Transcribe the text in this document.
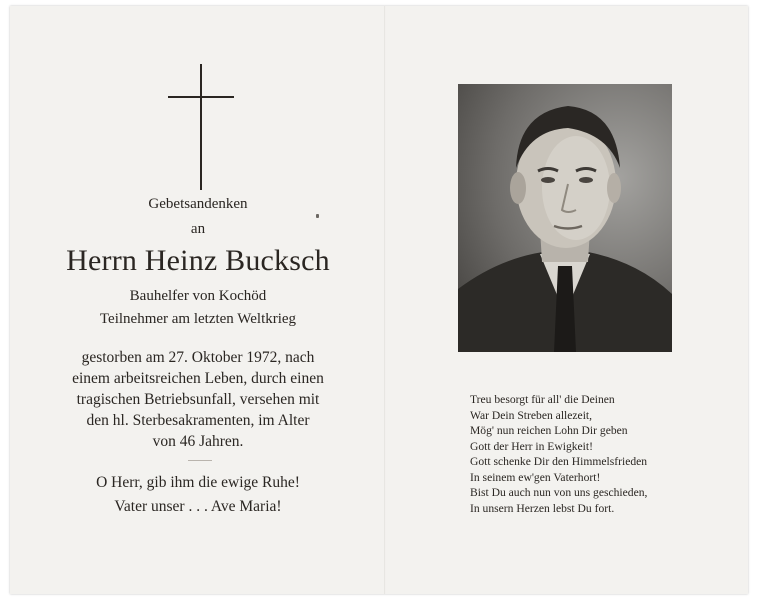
Gebetsandenken
an
Herrn Heinz Bucksch
Bauhelfer von Kochöd
Teilnehmer am letzten Weltkrieg
gestorben am 27. Oktober 1972, nach
einem arbeitsreichen Leben, durch einen
tragischen Betriebsunfall, versehen mit
den hl. Sterbesakramenten, im Alter
von 46 Jahren.
O Herr, gib ihm die ewige Ruhe!
Vater unser . . . Ave Maria!
Treu besorgt für all' die Deinen
War Dein Streben allezeit,
Mög' nun reichen Lohn Dir geben
Gott der Herr in Ewigkeit!
Gott schenke Dir den Himmelsfrieden
In seinem ew'gen Vaterhort!
Bist Du auch nun von uns geschieden,
In unsern Herzen lebst Du fort.
